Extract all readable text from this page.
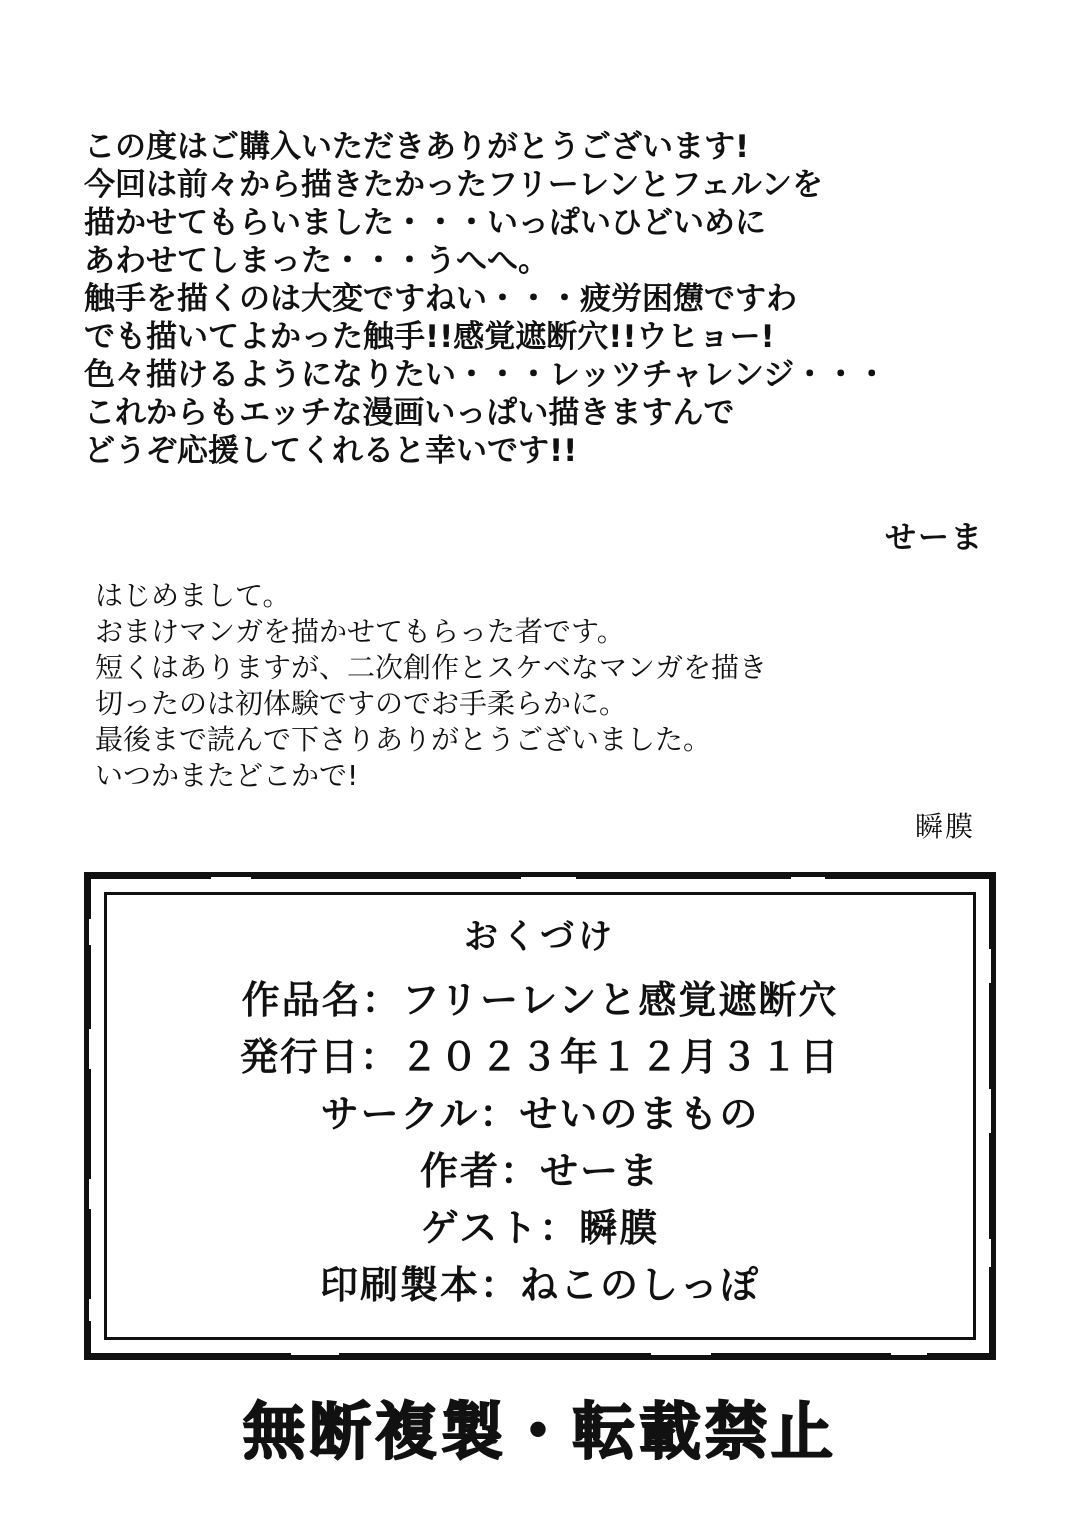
この度はご購入いただきありがとうございます!
今回は前々から描きたかったフリーレンとフェルンを
描かせてもらいました・・・いっぱいひどいめに
あわせてしまった・・・うへへ。
触手を描くのは大変ですねい・・・疲労困憊ですわ
でも描いてよかった触手!!感覚遮断穴!!ウヒョー!
色々描けるようになりたい・・・レッツチャレンジ・・・
これからもエッチな漫画いっぱい描きますんで
どうぞ応援してくれると幸いです!!
せーま
はじめまして。
おまけマンガを描かせてもらった者です。
短くはありますが、二次創作とスケベなマンガを描き
切ったのは初体験ですのでお手柔らかに。
最後まで読んで下さりありがとうございました。
いつかまたどこかで!
瞬膜
おくづけ
作品名：フリーレンと感覚遮断穴
発行日：２０２３年１２月３１日
サークル：せいのまもの
作者：せーま
ゲスト：瞬膜
印刷製本：ねこのしっぽ
無断複製・転載禁止
